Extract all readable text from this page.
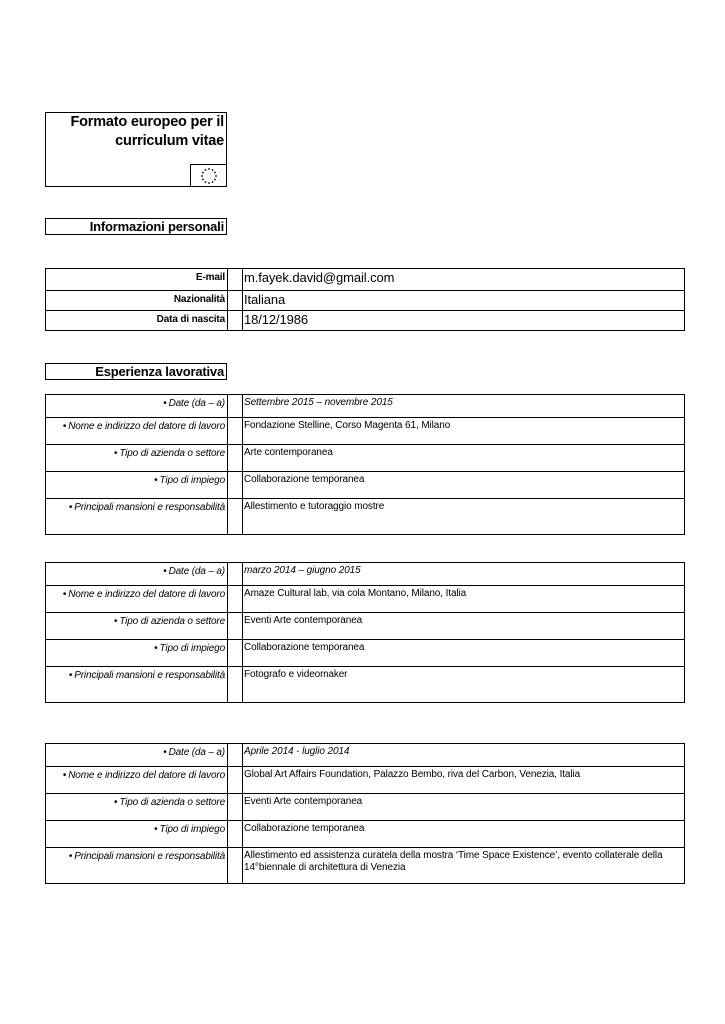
Formato europeo per il
curriculum vitae
Informazioni personali
E-mail		m.fayek.david@gmail.com
Nazionalità		Italiana
Data di nascita		18/12/1986
Esperienza lavorativa
• Date (da – a)		Settembre 2015 – novembre 2015
• Nome e indirizzo del datore di lavoro		Fondazione Stelline, Corso Magenta 61, Milano
• Tipo di azienda o settore		Arte contemporanea
• Tipo di impiego		Collaborazione temporanea
• Principali mansioni e responsabilità		Allestimento e tutoraggio mostre
• Date (da – a)		marzo 2014 – giugno 2015
• Nome e indirizzo del datore di lavoro		Amaze Cultural lab, via cola Montano, Milano, Italia
• Tipo di azienda o settore		Eventi Arte contemporanea
• Tipo di impiego		Collaborazione temporanea
• Principali mansioni e responsabilità		Fotografo e videomaker
• Date (da – a)		Aprile 2014 - luglio 2014
• Nome e indirizzo del datore di lavoro		Global Art Affairs Foundation, Palazzo Bembo, riva del Carbon, Venezia, Italia
• Tipo di azienda o settore		Eventi Arte contemporanea
• Tipo di impiego		Collaborazione temporanea
• Principali mansioni e responsabilità		Allestimento ed assistenza curatela della mostra ‘Time Space Existence’, evento collaterale della 14°biennale di architettura di Venezia
